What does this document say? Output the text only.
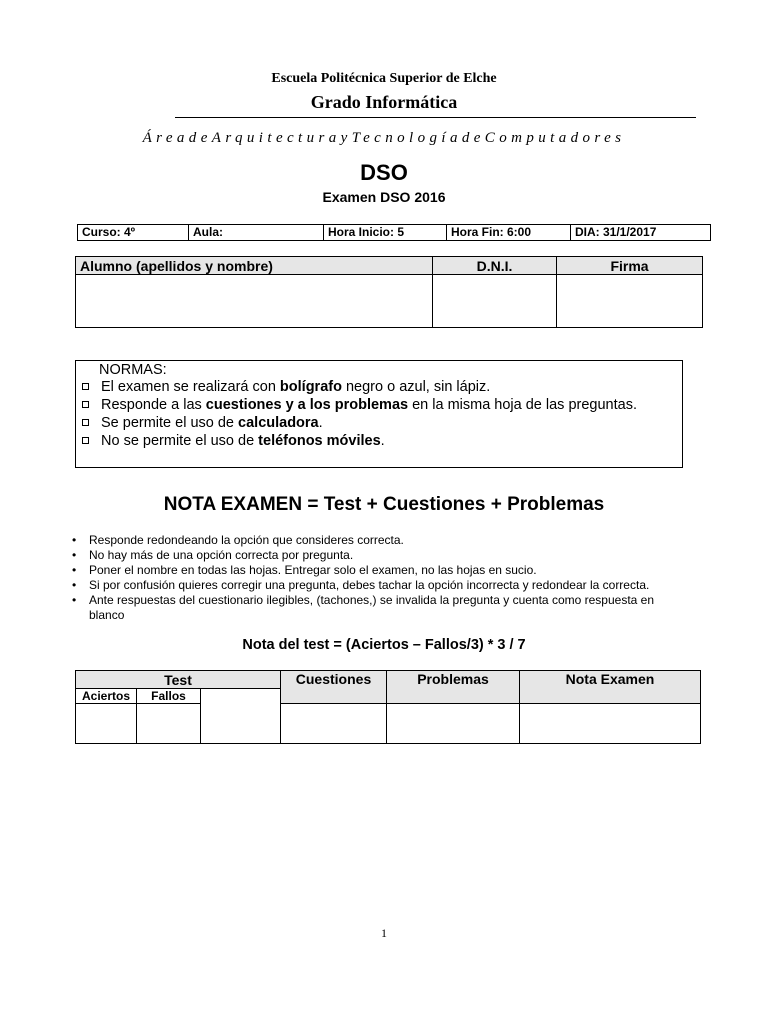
Escuela Politécnica Superior de Elche
Grado Informática
ÁreadeArquitecturayTecnologíadeComputadores
DSO
Examen DSO 2016
Curso: 4º	Aula:	Hora Inicio: 5	Hora Fin: 6:00	DIA: 31/1/2017
Alumno (apellidos y nombre)	D.N.I.	Firma

NORMAS:
El examen se realizará con bolígrafo negro o azul, sin lápiz.
Responde a las cuestiones y a los problemas en la misma hoja de las preguntas.
Se permite el uso de calculadora.
No se permite el uso de teléfonos móviles.
NOTA EXAMEN = Test + Cuestiones + Problemas
• Responde redondeando la opción que consideres correcta.
• No hay más de una opción correcta por pregunta.
• Poner el nombre en todas las hojas. Entregar solo el examen, no las hojas en sucio.
• Si por confusión quieres corregir una pregunta, debes tachar la opción incorrecta y redondear la correcta.
• Ante respuestas del cuestionario ilegibles, (tachones,) se invalida la pregunta y cuenta como respuesta en blanco
Nota del test = (Aciertos – Fallos/3) * 3 / 7
Test			Cuestiones	Problemas	Nota Examen
Aciertos	Fallos				

1
